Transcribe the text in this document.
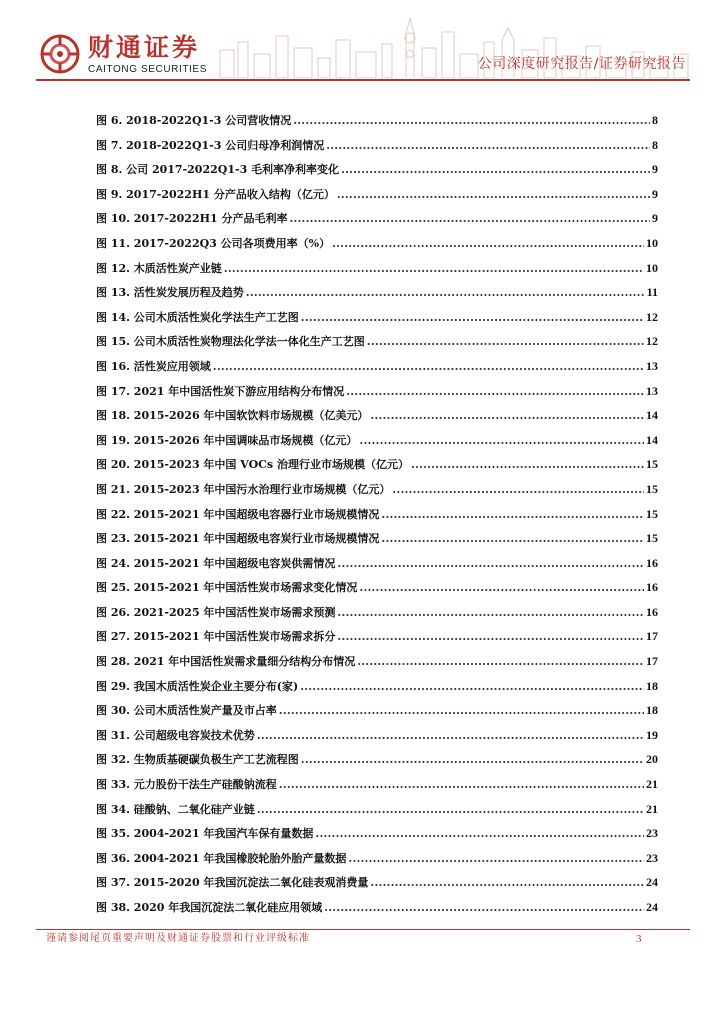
财通证券
CAITONG SECURITIES	公司深度研究报告/证券研究报告
图 6. 2018-2022Q1-3 公司营收情况 .....	8
图 7. 2018-2022Q1-3 公司归母净利润情况 .....	8
图 8. 公司 2017-2022Q1-3 毛利率净利率变化 .....	9
图 9. 2017-2022H1 分产品收入结构（亿元） .....	9
图 10. 2017-2022H1 分产品毛利率 .....	9
图 11. 2017-2022Q3 公司各项费用率（%） .....	10
图 12. 木质活性炭产业链 .....	10
图 13. 活性炭发展历程及趋势 .....	11
图 14. 公司木质活性炭化学法生产工艺图 .....	12
图 15. 公司木质活性炭物理法化学法一体化生产工艺图 .....	12
图 16. 活性炭应用领域 .....	13
图 17. 2021 年中国活性炭下游应用结构分布情况 .....	13
图 18. 2015-2026 年中国软饮料市场规模（亿美元） .....	14
图 19. 2015-2026 年中国调味品市场规模（亿元） .....	14
图 20. 2015-2023 年中国 VOCs 治理行业市场规模（亿元） .....	15
图 21. 2015-2023 年中国污水治理行业市场规模（亿元） .....	15
图 22. 2015-2021 年中国超级电容器行业市场规模情况 .....	15
图 23. 2015-2021 年中国超级电容炭行业市场规模情况 .....	15
图 24. 2015-2021 年中国超级电容炭供需情况 .....	16
图 25. 2015-2021 年中国活性炭市场需求变化情况 .....	16
图 26. 2021-2025 年中国活性炭市场需求预测 .....	16
图 27. 2015-2021 年中国活性炭市场需求拆分 .....	17
图 28. 2021 年中国活性炭需求量细分结构分布情况 .....	17
图 29. 我国木质活性炭企业主要分布(家) .....	18
图 30. 公司木质活性炭产量及市占率 .....	18
图 31. 公司超级电容炭技术优势 .....	19
图 32. 生物质基硬碳负极生产工艺流程图 .....	20
图 33. 元力股份干法生产硅酸钠流程 .....	21
图 34. 硅酸钠、二氧化硅产业链 .....	21
图 35. 2004-2021 年我国汽车保有量数据 .....	23
图 36. 2004-2021 年我国橡胶轮胎外胎产量数据 .....	23
图 37. 2015-2020 年我国沉淀法二氧化硅表观消费量 .....	24
图 38. 2020 年我国沉淀法二氧化硅应用领域 .....	24
谨请参阅尾页重要声明及财通证券股票和行业评级标准	3
